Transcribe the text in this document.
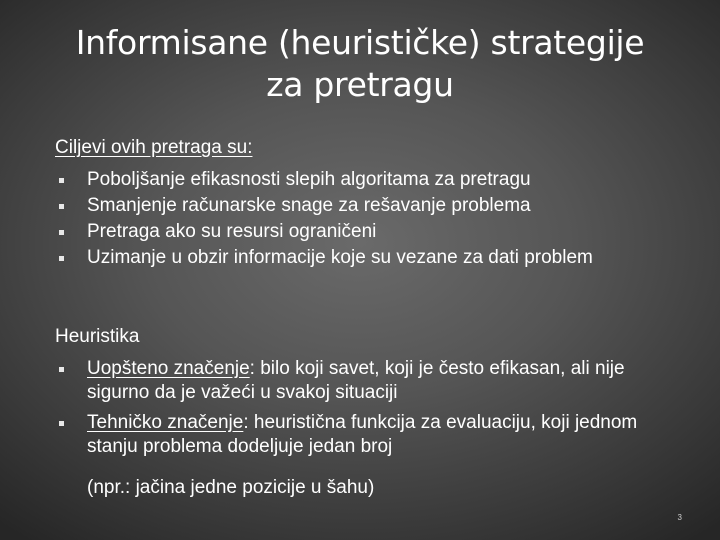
Informisane (heurističke) strategije
za pretragu
Ciljevi ovih pretraga su:
Poboljšanje efikasnosti slepih algoritama za pretragu
Smanjenje računarske snage za rešavanje problema
Pretraga ako su resursi ograničeni
Uzimanje u obzir informacije koje su vezane za dati problem
Heuristika
Uopšteno značenje: bilo koji savet, koji je često efikasan, ali nije sigurno da je važeći u svakoj situaciji
Tehničko značenje: heuristična funkcija za evaluaciju, koji jednom stanju problema dodeljuje jedan broj
(npr.: jačina jedne pozicije u šahu)
3
